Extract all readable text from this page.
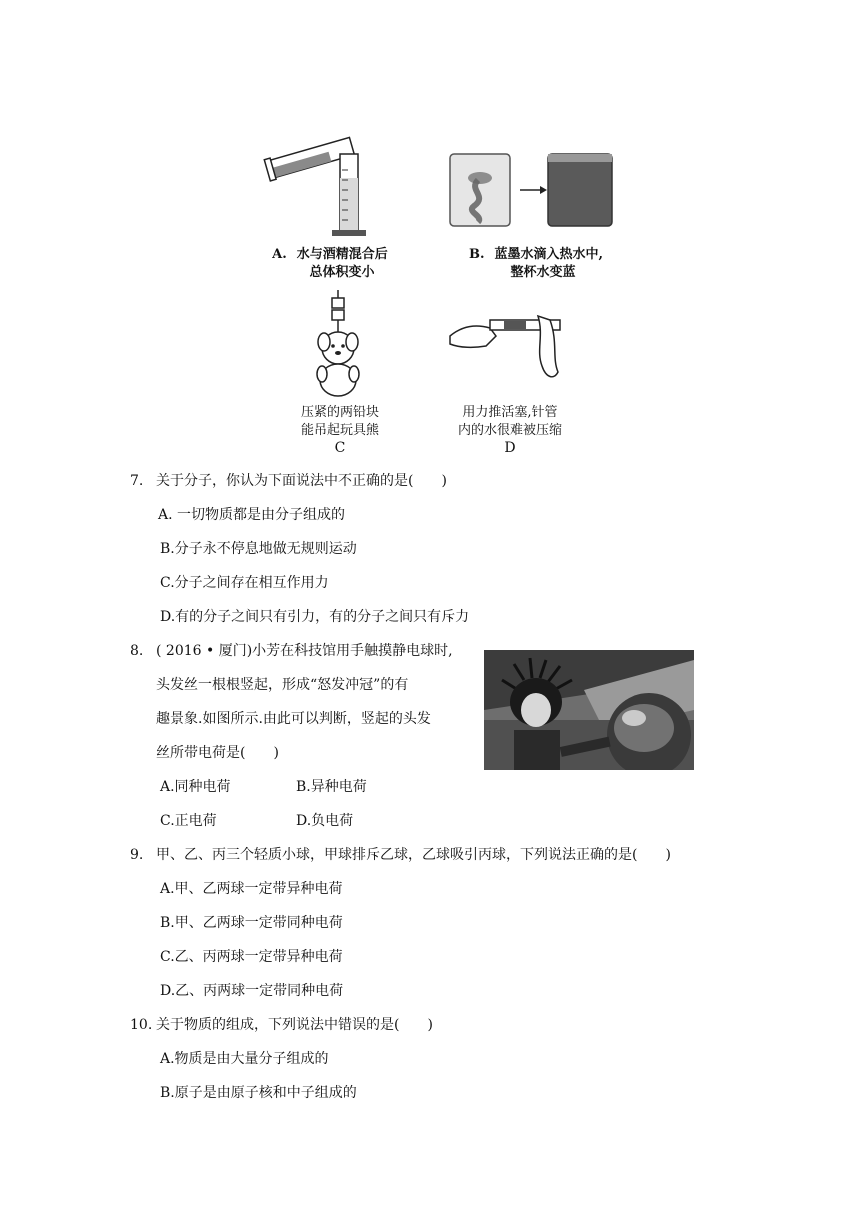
A. 水与酒精混合后
总体积变小
B. 蓝墨水滴入热水中,
整杯水变蓝
压紧的两铅块
能吊起玩具熊
C
用力推活塞,针管
内的水很难被压缩
D
7. 关于分子，你认为下面说法中不正确的是(　　)
A. 一切物质都是由分子组成的
B.分子永不停息地做无规则运动
C.分子之间存在相互作用力
D.有的分子之间只有引力，有的分子之间只有斥力
8. ( 2016 • 厦门)小芳在科技馆用手触摸静电球时,
头发丝一根根竖起，形成“怒发冲冠”的有
趣景象.如图所示.由此可以判断，竖起的头发
丝所带电荷是(　　)
A.同种电荷	B.异种电荷
C.正电荷	D.负电荷
9. 甲、乙、丙三个轻质小球，甲球排斥乙球，乙球吸引丙球，下列说法正确的是(　　)
A.甲、乙两球一定带异种电荷
B.甲、乙两球一定带同种电荷
C.乙、丙两球一定带异种电荷
D.乙、丙两球一定带同种电荷
10. 关于物质的组成，下列说法中错误的是(　　)
A.物质是由大量分子组成的
B.原子是由原子核和中子组成的
